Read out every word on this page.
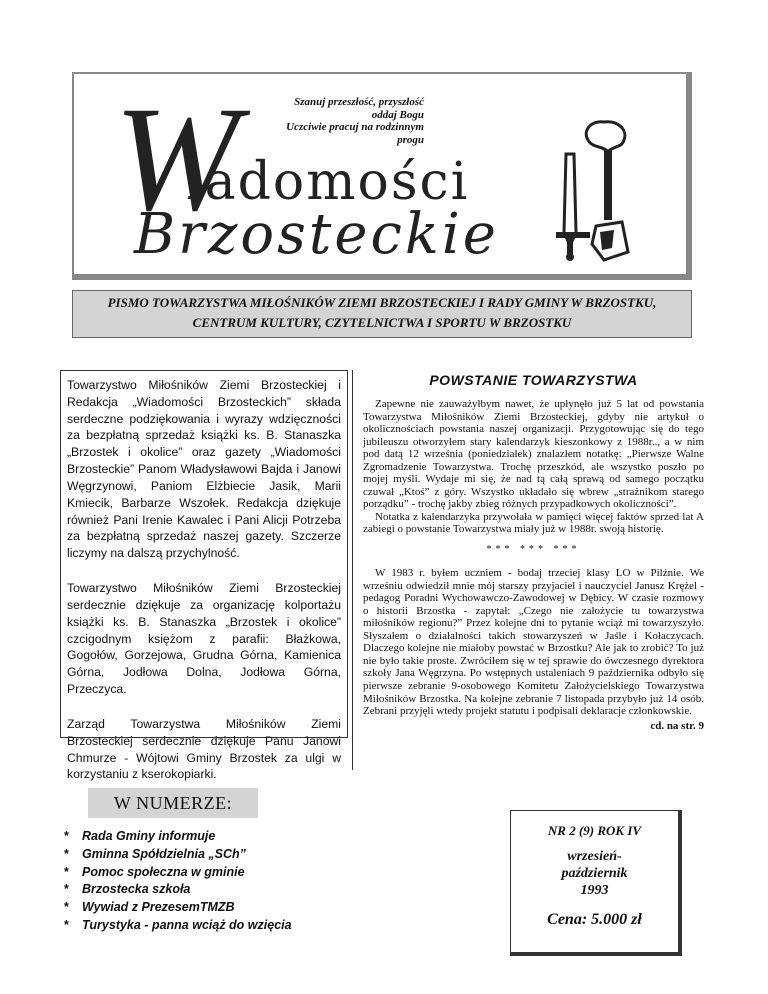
W	Szanuj przeszłość, przyszłość
oddaj Bogu
Uczciwie pracuj na rodzinnym
progu
iadomości
Brzosteckie
PISMO TOWARZYSTWA MIŁOŚNIKÓW ZIEMI BRZOSTECKIEJ I RADY GMINY W BRZOSTKU,
CENTRUM KULTURY, CZYTELNICTWA I SPORTU W BRZOSTKU

Towarzystwo Miłośników Ziemi Brzosteckiej i Redakcja „Wiadomości Brzosteckich” składa serdeczne podziękowania i wyrazy wdzięczności za bezpłatną sprzedaż książki ks. B. Stanaszka „Brzostek i okolice” oraz gazety „Wiadomości Brzosteckie” Panom Władysławowi Bajda i Janowi Węgrzynowi, Paniom Elżbiecie Jasik, Marii Kmiecik, Barbarze Wszołek. Redakcja dziękuje również Pani Irenie Kawalec i Pani Alicji Potrzeba za bezpłatną sprzedaż naszej gazety. Szczerze liczymy na dalszą przychylność.

Towarzystwo Miłośników Ziemi Brzosteckiej serdecznie dziękuje za organizację kolportażu książki ks. B. Stanaszka „Brzostek i okolice” czcigodnym księżom z parafii: Błażkowa, Gogołów, Gorzejowa, Grudna Górna, Kamienica Górna, Jodłowa Dolna, Jodłowa Górna, Przeczyca.

Zarząd Towarzystwa Miłośników Ziemi Brzosteckiej serdecznie dziękuje Panu Janowi Chmurze - Wójtowi Gminy Brzostek za ulgi w korzystaniu z kserokopiarki.

POWSTANIE TOWARZYSTWA

Zapewne nie zauważyłbym nawet, że upłynęło już 5 lat od powstania Towarzystwa Miłośników Ziemi Brzosteckiej, gdyby nie artykuł o okolicznościach powstania naszej organizacji. Przygotowując się do tego jubileuszu otworzyłem stary kalendarzyk kieszonkowy z 1988r.., a w nim pod datą 12 września (poniedziałek) znalazłem notatkę: „Pierwsze Walne Zgromadzenie Towarzystwa. Trochę przeszkód, ale wszystko poszło po mojej myśli. Wydaje mi się, że nad tą całą sprawą od samego początku czuwał „Ktoś” z góry. Wszystko układało się wbrew „strażnikom starego porządku” - trochę jakby zbieg różnych przypadkowych okoliczności”.

Notatka z kalendarzyka przywołała w pamięci więcej faktów sprzed lat A zabiegi o powstanie Towarzystwa miały już w 1988r. swoją historię.

*** *** ***

W 1983 r. byłem uczniem - bodaj trzeciej klasy LO w Pilźnie. We wrześniu odwiedził mnie mój starszy przyjaciel i nauczyciel Janusz Krężel - pedagog Poradni Wychowawczo-Zawodowej w Dębicy. W czasie rozmowy o historii Brzostka - zapytał: „Czego nie założycie tu towarzystwa miłośników regionu?” Przez kolejne dni to pytanie wciąż mi towarzyszyło. Słyszałem o działalności takich stowarzyszeń w Jaśle i Kołaczycach. Dlaczego kolejne nie miałoby powstać w Brzostku? Ale jak to zrobić? To już nie było takie proste. Zwróciłem się w tej sprawie do ówczesnego dyrektora szkoły Jana Węgrzyna. Po wstępnych ustaleniach 9 października odbyło się pierwsze zebranie 9-osobowego Komitetu Założycielskiego Towarzystwa Miłośników Brzostka. Na kolejne zebranie 7 listopada przybyło już 14 osób. Zebrani przyjęli wtedy projekt statutu i podpisali deklaracje członkowskie.

cd. na str. 9

W NUMERZE:
* Rada Gminy informuje
* Gminna Spółdzielnia „SCh”
* Pomoc społeczna w gminie
* Brzostecka szkoła
* Wywiad z PrezesemTMZB
* Turystyka - panna wciąż do wzięcia
NR 2 (9) ROK IV
wrzesień-
październik
1993
Cena: 5.000 zł
